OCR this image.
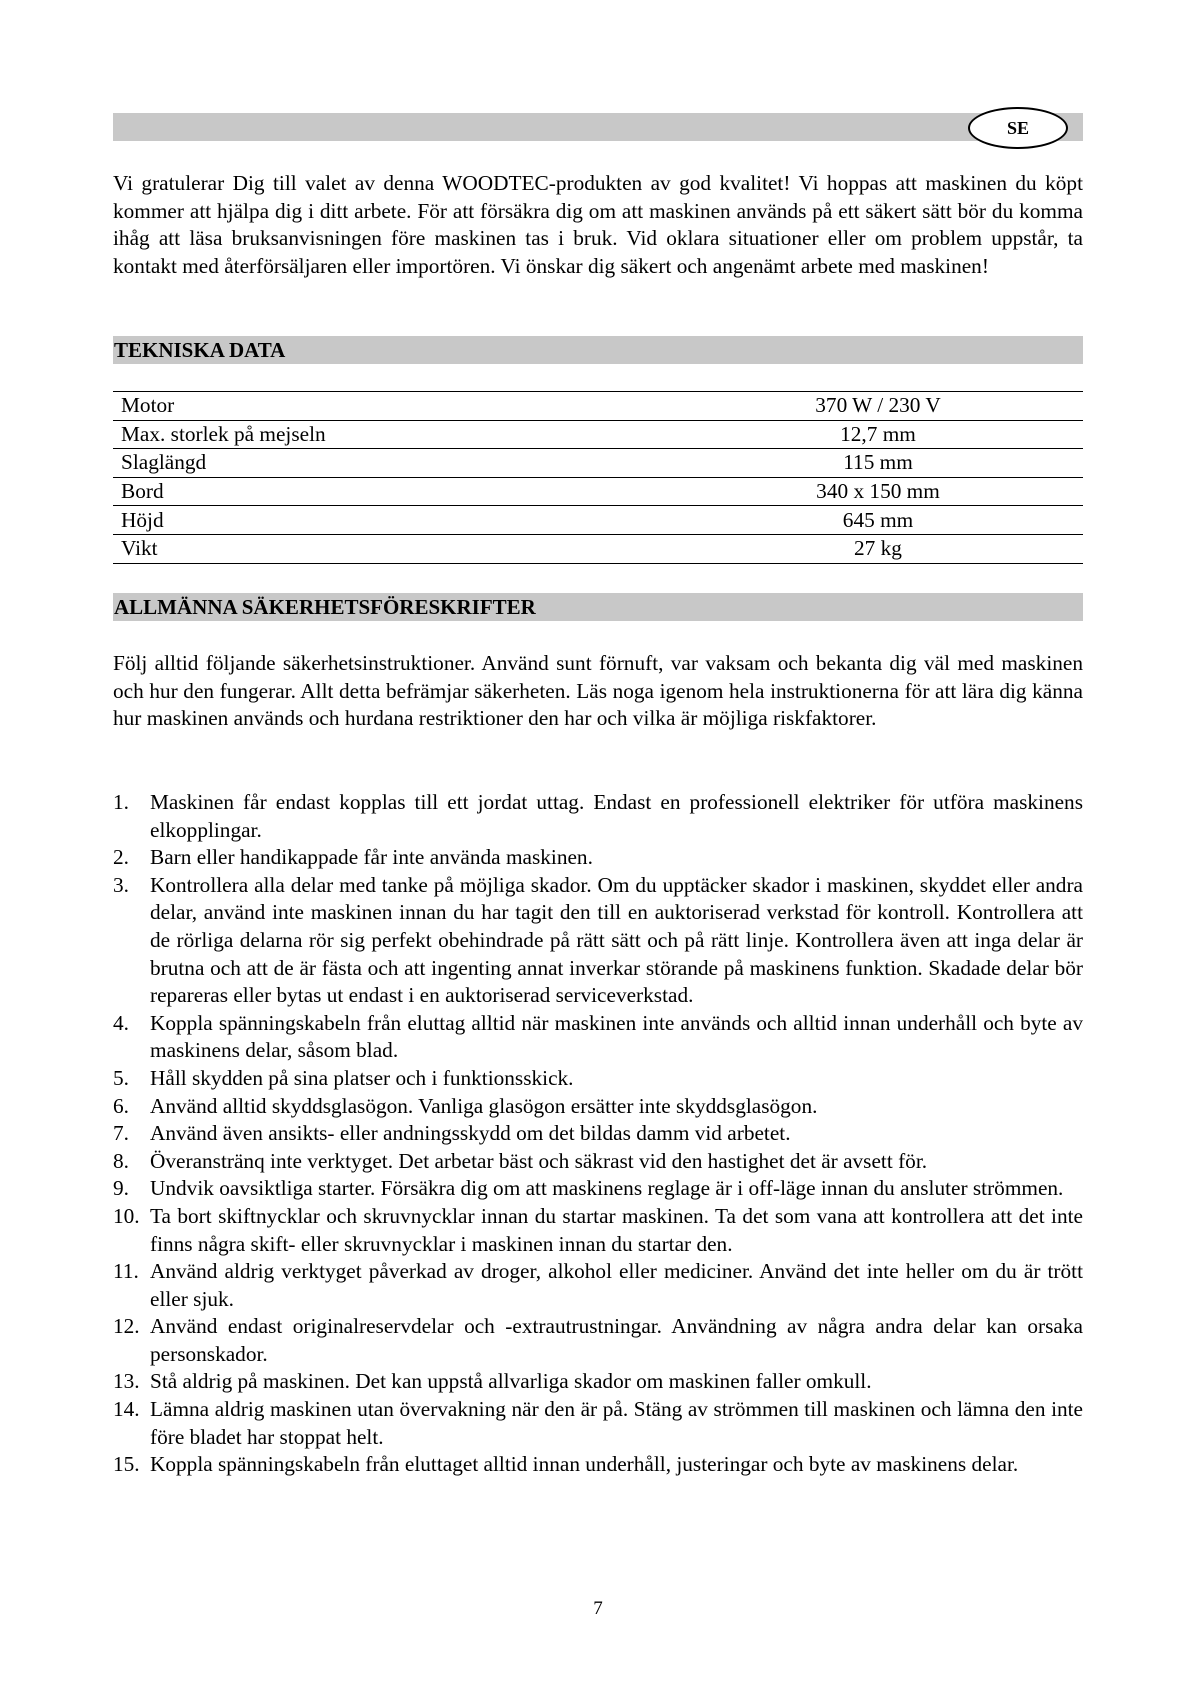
SE

Vi gratulerar Dig till valet av denna WOODTEC-produkten av god kvalitet! Vi hoppas att maskinen du köpt kommer att hjälpa dig i ditt arbete. För att försäkra dig om att maskinen används på ett säkert sätt bör du komma ihåg att läsa bruksanvisningen före maskinen tas i bruk. Vid oklara situationer eller om problem uppstår, ta kontakt med återförsäljaren eller importören. Vi önskar dig säkert och angenämt arbete med maskinen!

TEKNISKA DATA
Motor	370 W / 230 V
Max. storlek på mejseln	12,7 mm
Slaglängd	115 mm
Bord	340 x 150 mm
Höjd	645 mm
Vikt	27 kg
ALLMÄNNA SÄKERHETSFÖRESKRIFTER

Följ alltid följande säkerhetsinstruktioner. Använd sunt förnuft, var vaksam och bekanta dig väl med maskinen och hur den fungerar. Allt detta befrämjar säkerheten. Läs noga igenom hela instruktionerna för att lära dig känna hur maskinen används och hurdana restriktioner den har och vilka är möjliga riskfaktorer.

1. Maskinen får endast kopplas till ett jordat uttag. Endast en professionell elektriker för utföra maskinens elkopplingar.
2. Barn eller handikappade får inte använda maskinen.
3. Kontrollera alla delar med tanke på möjliga skador. Om du upptäcker skador i maskinen, skyddet eller andra delar, använd inte maskinen innan du har tagit den till en auktoriserad verkstad för kontroll. Kontrollera att de rörliga delarna rör sig perfekt obehindrade på rätt sätt och på rätt linje. Kontrollera även att inga delar är brutna och att de är fästa och att ingenting annat inverkar störande på maskinens funktion. Skadade delar bör repareras eller bytas ut endast i en auktoriserad serviceverkstad.
4. Koppla spänningskabeln från eluttag alltid när maskinen inte används och alltid innan underhåll och byte av maskinens delar, såsom blad.
5. Håll skydden på sina platser och i funktionsskick.
6. Använd alltid skyddsglasögon. Vanliga glasögon ersätter inte skyddsglasögon.
7. Använd även ansikts- eller andningsskydd om det bildas damm vid arbetet.
8. Överanstränq inte verktyget. Det arbetar bäst och säkrast vid den hastighet det är avsett för.
9. Undvik oavsiktliga starter. Försäkra dig om att maskinens reglage är i off-läge innan du ansluter strömmen.
10. Ta bort skiftnycklar och skruvnycklar innan du startar maskinen. Ta det som vana att kontrollera att det inte finns några skift- eller skruvnycklar i maskinen innan du startar den.
11. Använd aldrig verktyget påverkad av droger, alkohol eller mediciner. Använd det inte heller om du är trött eller sjuk.
12. Använd endast originalreservdelar och -extrautrustningar. Användning av några andra delar kan orsaka personskador.
13. Stå aldrig på maskinen. Det kan uppstå allvarliga skador om maskinen faller omkull.
14. Lämna aldrig maskinen utan övervakning när den är på. Stäng av strömmen till maskinen och lämna den inte före bladet har stoppat helt.
15. Koppla spänningskabeln från eluttaget alltid innan underhåll, justeringar och byte av maskinens delar.
7
